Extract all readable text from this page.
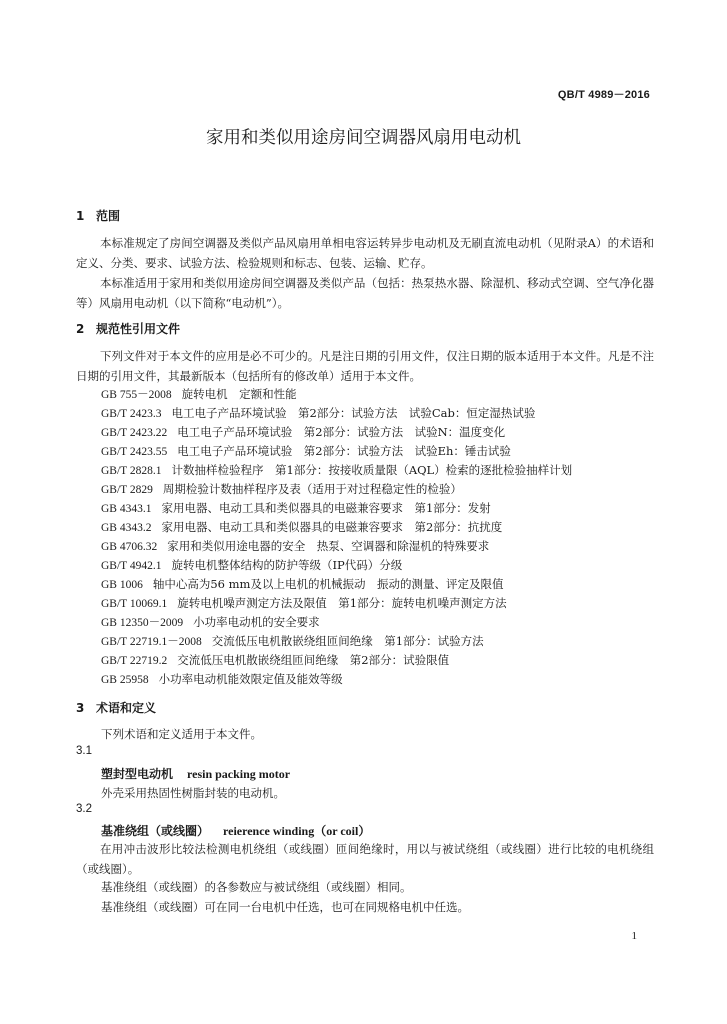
QB/T 4989－2016
家用和类似用途房间空调器风扇用电动机
1 范围
本标准规定了房间空调器及类似产品风扇用单相电容运转异步电动机及无刷直流电动机（见附录A）的术语和定义、分类、要求、试验方法、检验规则和标志、包装、运输、贮存。
本标准适用于家用和类似用途房间空调器及类似产品（包括：热泵热水器、除湿机、移动式空调、空气净化器等）风扇用电动机（以下简称“电动机”）。
2 规范性引用文件
下列文件对于本文件的应用是必不可少的。凡是注日期的引用文件，仅注日期的版本适用于本文件。凡是不注日期的引用文件，其最新版本（包括所有的修改单）适用于本文件。
GB 755－2008 旋转电机　定额和性能
GB/T 2423.3 电工电子产品环境试验　第2部分：试验方法　试验Cab：恒定湿热试验
GB/T 2423.22 电工电子产品环境试验　第2部分：试验方法　试验N：温度变化
GB/T 2423.55 电工电子产品环境试验　第2部分：试验方法　试验Eh：锤击试验
GB/T 2828.1 计数抽样检验程序　第1部分：按接收质量限（AQL）检索的逐批检验抽样计划
GB/T 2829 周期检验计数抽样程序及表（适用于对过程稳定性的检验）
GB 4343.1 家用电器、电动工具和类似器具的电磁兼容要求　第1部分：发射
GB 4343.2 家用电器、电动工具和类似器具的电磁兼容要求　第2部分：抗扰度
GB 4706.32 家用和类似用途电器的安全　热泵、空调器和除湿机的特殊要求
GB/T 4942.1 旋转电机整体结构的防护等级（IP代码）分级
GB 1006 轴中心高为56 mm及以上电机的机械振动　振动的测量、评定及限值
GB/T 10069.1 旋转电机噪声测定方法及限值　第1部分：旋转电机噪声测定方法
GB 12350－2009 小功率电动机的安全要求
GB/T 22719.1－2008 交流低压电机散嵌绕组匝间绝缘　第1部分：试验方法
GB/T 22719.2 交流低压电机散嵌绕组匝间绝缘　第2部分：试验限值
GB 25958 小功率电动机能效限定值及能效等级
3 术语和定义
下列术语和定义适用于本文件。
3.1
塑封型电动机 resin packing motor
外壳采用热固性树脂封装的电动机。
3.2
基准绕组（或线圈） reierence winding（or coil）
在用冲击波形比较法检测电机绕组（或线圈）匝间绝缘时，用以与被试绕组（或线圈）进行比较的电机绕组（或线圈）。
基准绕组（或线圈）的各参数应与被试绕组（或线圈）相同。
基准绕组（或线圈）可在同一台电机中任选，也可在同规格电机中任选。
1
